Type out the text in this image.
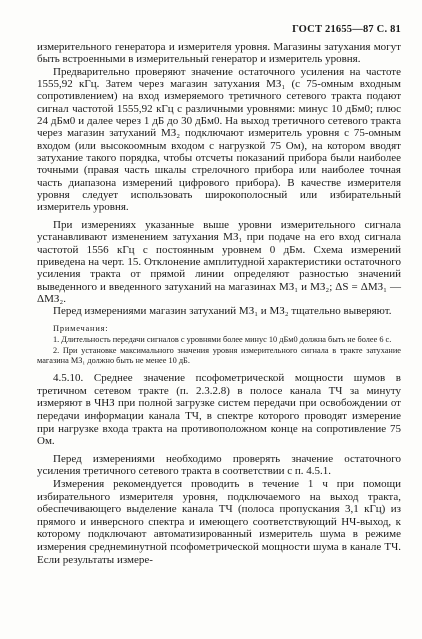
ГОСТ 21655—87 С. 81

измерительного генератора и измерителя уровня. Магазины затухания могут быть встроенными в измерительный генератор и измеритель уровня.

Предварительно проверяют значение остаточного усиления на частоте 1555,92 кГц. Затем через магазин затухания МЗ₁ (с 75-омным входным сопротивлением) на вход измеряемого третичного сетевого тракта подают сигнал частотой 1555,92 кГц с различными уровнями: минус 10 дБм0; плюс 24 дБм0 и далее через 1 дБ до 30 дБм0. На выход третичного сетевого тракта через магазин затуханий МЗ₂ подключают измеритель уровня с 75-омным входом (или высокоомным входом с нагрузкой 75 Ом), на котором вводят затухание такого порядка, чтобы отсчеты показаний прибора были наиболее точными (правая часть шкалы стрелочного прибора или наиболее точная часть диапазона измерений цифрового прибора). В качестве измерителя уровня следует использовать широкополосный или избирательный измеритель уровня.

При измерениях указанные выше уровни измерительного сигнала устанавливают изменением затухания МЗ₁ при подаче на его вход сигнала частотой 1556 кГц с постоянным уровнем 0 дБм. Схема измерений приведена на черт. 15. Отклонение амплитудной характеристики остаточного усиления тракта от прямой линии определяют разностью значений выведенного и введенного затуханий на магазинах МЗ₁ и МЗ₂; ΔS = ΔМЗ₁ — ΔМЗ₂.

Перед измерениями магазин затуханий МЗ₁ и МЗ₂ тщательно выверяют.

Примечания:

1. Длительность передачи сигналов с уровнями более минус 10 дБм0 должна быть не более 6 с.

2. При установке максимального значения уровня измерительного сигнала в тракте затухание магазина МЗ₁ должно быть не менее 10 дБ.

4.5.10. Среднее значение псофометрической мощности шумов в третичном сетевом тракте (п. 2.3.2.8) в полосе канала ТЧ за минуту измеряют в ЧНЗ при полной загрузке систем передачи при освобождении от передачи информации канала ТЧ, в спектре которого проводят измерение при нагрузке входа тракта на противоположном конце на сопротивление 75 Ом.

Перед измерениями необходимо проверять значение остаточного усиления третичного сетевого тракта в соответствии с п. 4.5.1.

Измерения рекомендуется проводить в течение 1 ч при помощи избирательного измерителя уровня, подключаемого на выход тракта, обеспечивающего выделение канала ТЧ (полоса пропускания 3,1 кГц) из прямого и инверсного спектра и имеющего соответствующий НЧ-выход, к которому подключают автоматизированный измеритель шума в режиме измерения среднеминутной псофометрической мощности шума в канале ТЧ. Если результаты измере-
